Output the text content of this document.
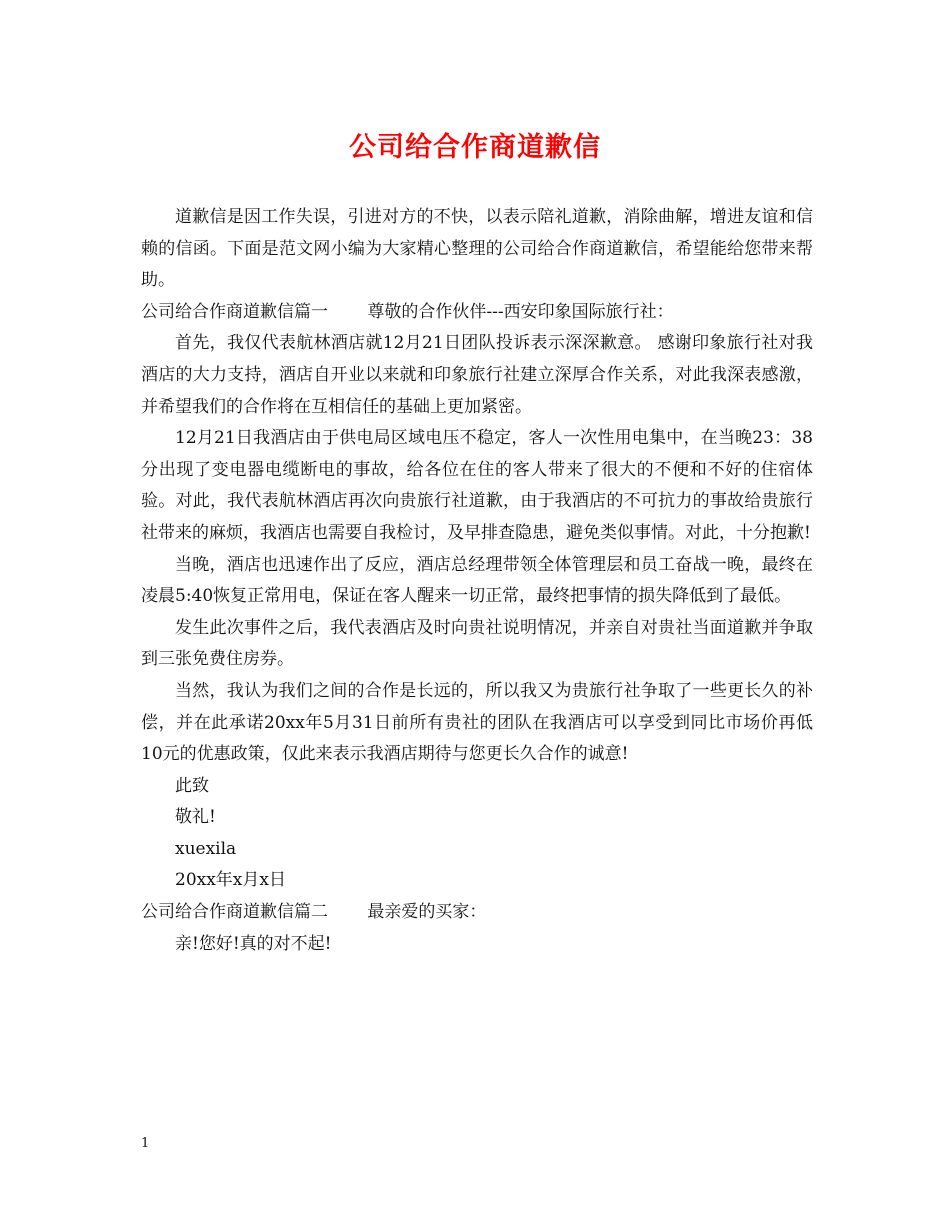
公司给合作商道歉信

道歉信是因工作失误，引进对方的不快，以表示陪礼道歉，消除曲解，增进友谊和信赖的信函。下面是范文网小编为大家精心整理的公司给合作商道歉信，希望能给您带来帮助。

公司给合作商道歉信篇一　　 尊敬的合作伙伴---西安印象国际旅行社：

首先，我仅代表航林酒店就12月21日团队投诉表示深深歉意。 感谢印象旅行社对我酒店的大力支持，酒店自开业以来就和印象旅行社建立深厚合作关系，对此我深表感激，并希望我们的合作将在互相信任的基础上更加紧密。

12月21日我酒店由于供电局区域电压不稳定，客人一次性用电集中，在当晚23：38分出现了变电器电缆断电的事故，给各位在住的客人带来了很大的不便和不好的住宿体验。对此，我代表航林酒店再次向贵旅行社道歉，由于我酒店的不可抗力的事故给贵旅行社带来的麻烦，我酒店也需要自我检讨，及早排查隐患，避免类似事情。对此，十分抱歉!

当晚，酒店也迅速作出了反应，酒店总经理带领全体管理层和员工奋战一晚，最终在凌晨5:40恢复正常用电，保证在客人醒来一切正常，最终把事情的损失降低到了最低。

发生此次事件之后，我代表酒店及时向贵社说明情况，并亲自对贵社当面道歉并争取到三张免费住房券。

当然，我认为我们之间的合作是长远的，所以我又为贵旅行社争取了一些更长久的补偿，并在此承诺20xx年5月31日前所有贵社的团队在我酒店可以享受到同比市场价再低10元的优惠政策，仅此来表示我酒店期待与您更长久合作的诚意!

此致

敬礼!

xuexila

20xx年x月x日

公司给合作商道歉信篇二　　 最亲爱的买家：

亲!您好!真的对不起!

1
